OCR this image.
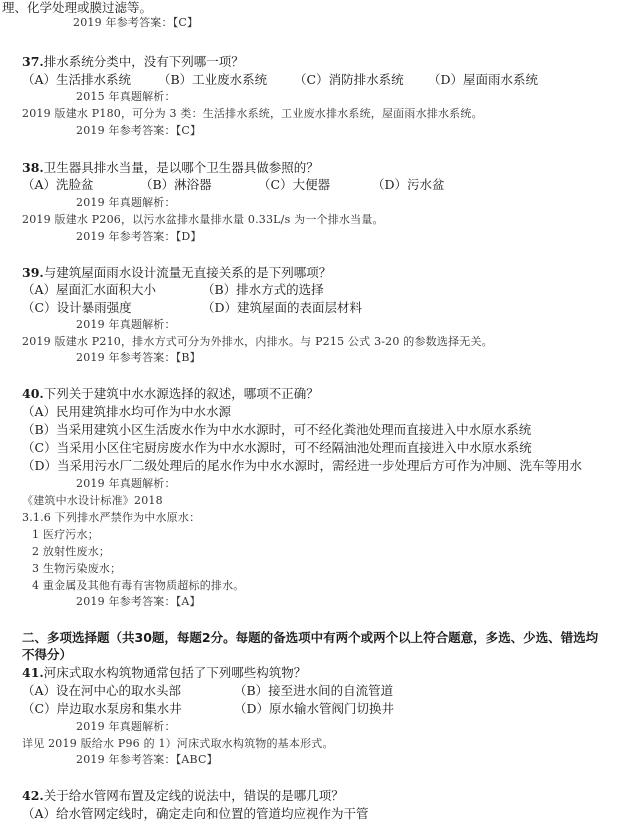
理、化学处理或膜过滤等。
2019 年参考答案：【C】
37.排水系统分类中，没有下列哪一项？
（A）生活排水系统 （B）工业废水系统 （C）消防排水系统 （D）屋面雨水系统
2015 年真题解析：
2019 版建水 P180，可分为 3 类：生活排水系统，工业废水排水系统，屋面雨水排水系统。
2019 年参考答案：【C】
38.卫生器具排水当量，是以哪个卫生器具做参照的？
（A）洗脸盆	（B）淋浴器	（C）大便器	（D）污水盆
2019 年真题解析：
2019 版建水 P206，以污水盆排水量排水量 0.33L/s 为一个排水当量。
2019 年参考答案：【D】
39.与建筑屋面雨水设计流量无直接关系的是下列哪项？
（A）屋面汇水面积大小	（B）排水方式的选择
（C）设计暴雨强度	（D）建筑屋面的表面层材料
2019 年真题解析：
2019 版建水 P210，排水方式可分为外排水，内排水。与 P215 公式 3-20 的参数选择无关。
2019 年参考答案：【B】
40.下列关于建筑中水水源选择的叙述，哪项不正确？
（A）民用建筑排水均可作为中水水源
（B）当采用建筑小区生活废水作为中水水源时，可不经化粪池处理而直接进入中水原水系统
（C）当采用小区住宅厨房废水作为中水水源时，可不经隔油池处理而直接进入中水原水系统
（D）当采用污水厂二级处理后的尾水作为中水水源时，需经进一步处理后方可作为冲厕、洗车等用水
2019 年真题解析：
《建筑中水设计标准》2018
3.1.6 下列排水严禁作为中水原水：
1 医疗污水；
2 放射性废水；
3 生物污染废水；
4 重金属及其他有毒有害物质超标的排水。
2019 年参考答案：【A】
二、多项选择题（共30题，每题2分。每题的备选项中有两个或两个以上符合题意，多选、少选、错选均
不得分）
41.河床式取水构筑物通常包括了下列哪些构筑物？
（A）设在河中心的取水头部	（B）接至进水间的自流管道
（C）岸边取水泵房和集水井	（D）原水输水管阀门切换井
2019 年真题解析：
详见 2019 版给水 P96 的 1）河床式取水构筑物的基本形式。
2019 年参考答案：【ABC】
42.关于给水管网布置及定线的说法中，错误的是哪几项？
（A）给水管网定线时，确定走向和位置的管道均应视作为干管
